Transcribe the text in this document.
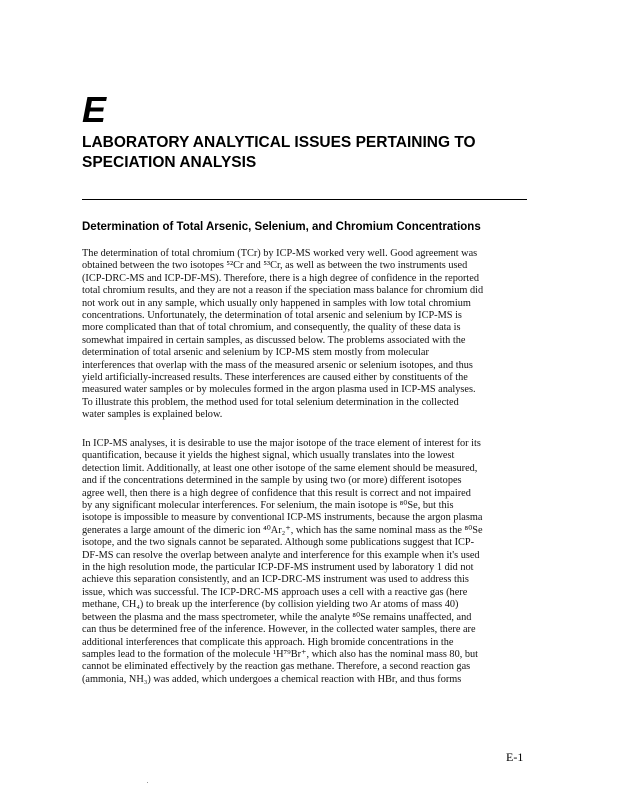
E
LABORATORY ANALYTICAL ISSUES PERTAINING TO SPECIATION ANALYSIS
Determination of Total Arsenic, Selenium, and Chromium Concentrations

The determination of total chromium (TCr) by ICP-MS worked very well. Good agreement was
obtained between the two isotopes ⁵²Cr and ⁵³Cr, as well as between the two instruments used
(ICP-DRC-MS and ICP-DF-MS). Therefore, there is a high degree of confidence in the reported
total chromium results, and they are not a reason if the speciation mass balance for chromium did
not work out in any sample, which usually only happened in samples with low total chromium
concentrations. Unfortunately, the determination of total arsenic and selenium by ICP-MS is
more complicated than that of total chromium, and consequently, the quality of these data is
somewhat impaired in certain samples, as discussed below. The problems associated with the
determination of total arsenic and selenium by ICP-MS stem mostly from molecular
interferences that overlap with the mass of the measured arsenic or selenium isotopes, and thus
yield artificially-increased results. These interferences are caused either by constituents of the
measured water samples or by molecules formed in the argon plasma used in ICP-MS analyses.
To illustrate this problem, the method used for total selenium determination in the collected
water samples is explained below.

In ICP-MS analyses, it is desirable to use the major isotope of the trace element of interest for its
quantification, because it yields the highest signal, which usually translates into the lowest
detection limit. Additionally, at least one other isotope of the same element should be measured,
and if the concentrations determined in the sample by using two (or more) different isotopes
agree well, then there is a high degree of confidence that this result is correct and not impaired
by any significant molecular interferences. For selenium, the main isotope is ⁸⁰Se, but this
isotope is impossible to measure by conventional ICP-MS instruments, because the argon plasma
generates a large amount of the dimeric ion ⁴⁰Ar₂⁺, which has the same nominal mass as the ⁸⁰Se
isotope, and the two signals cannot be separated. Although some publications suggest that ICP-
DF-MS can resolve the overlap between analyte and interference for this example when it's used
in the high resolution mode, the particular ICP-DF-MS instrument used by laboratory 1 did not
achieve this separation consistently, and an ICP-DRC-MS instrument was used to address this
issue, which was successful. The ICP-DRC-MS approach uses a cell with a reactive gas (here
methane, CH₄) to break up the interference (by collision yielding two Ar atoms of mass 40)
between the plasma and the mass spectrometer, while the analyte ⁸⁰Se remains unaffected, and
can thus be determined free of the inference. However, in the collected water samples, there are
additional interferences that complicate this approach. High bromide concentrations in the
samples lead to the formation of the molecule ¹H⁷⁹Br⁺, which also has the nominal mass 80, but
cannot be eliminated effectively by the reaction gas methane. Therefore, a second reaction gas
(ammonia, NH₃) was added, which undergoes a chemical reaction with HBr, and thus forms

E-1
